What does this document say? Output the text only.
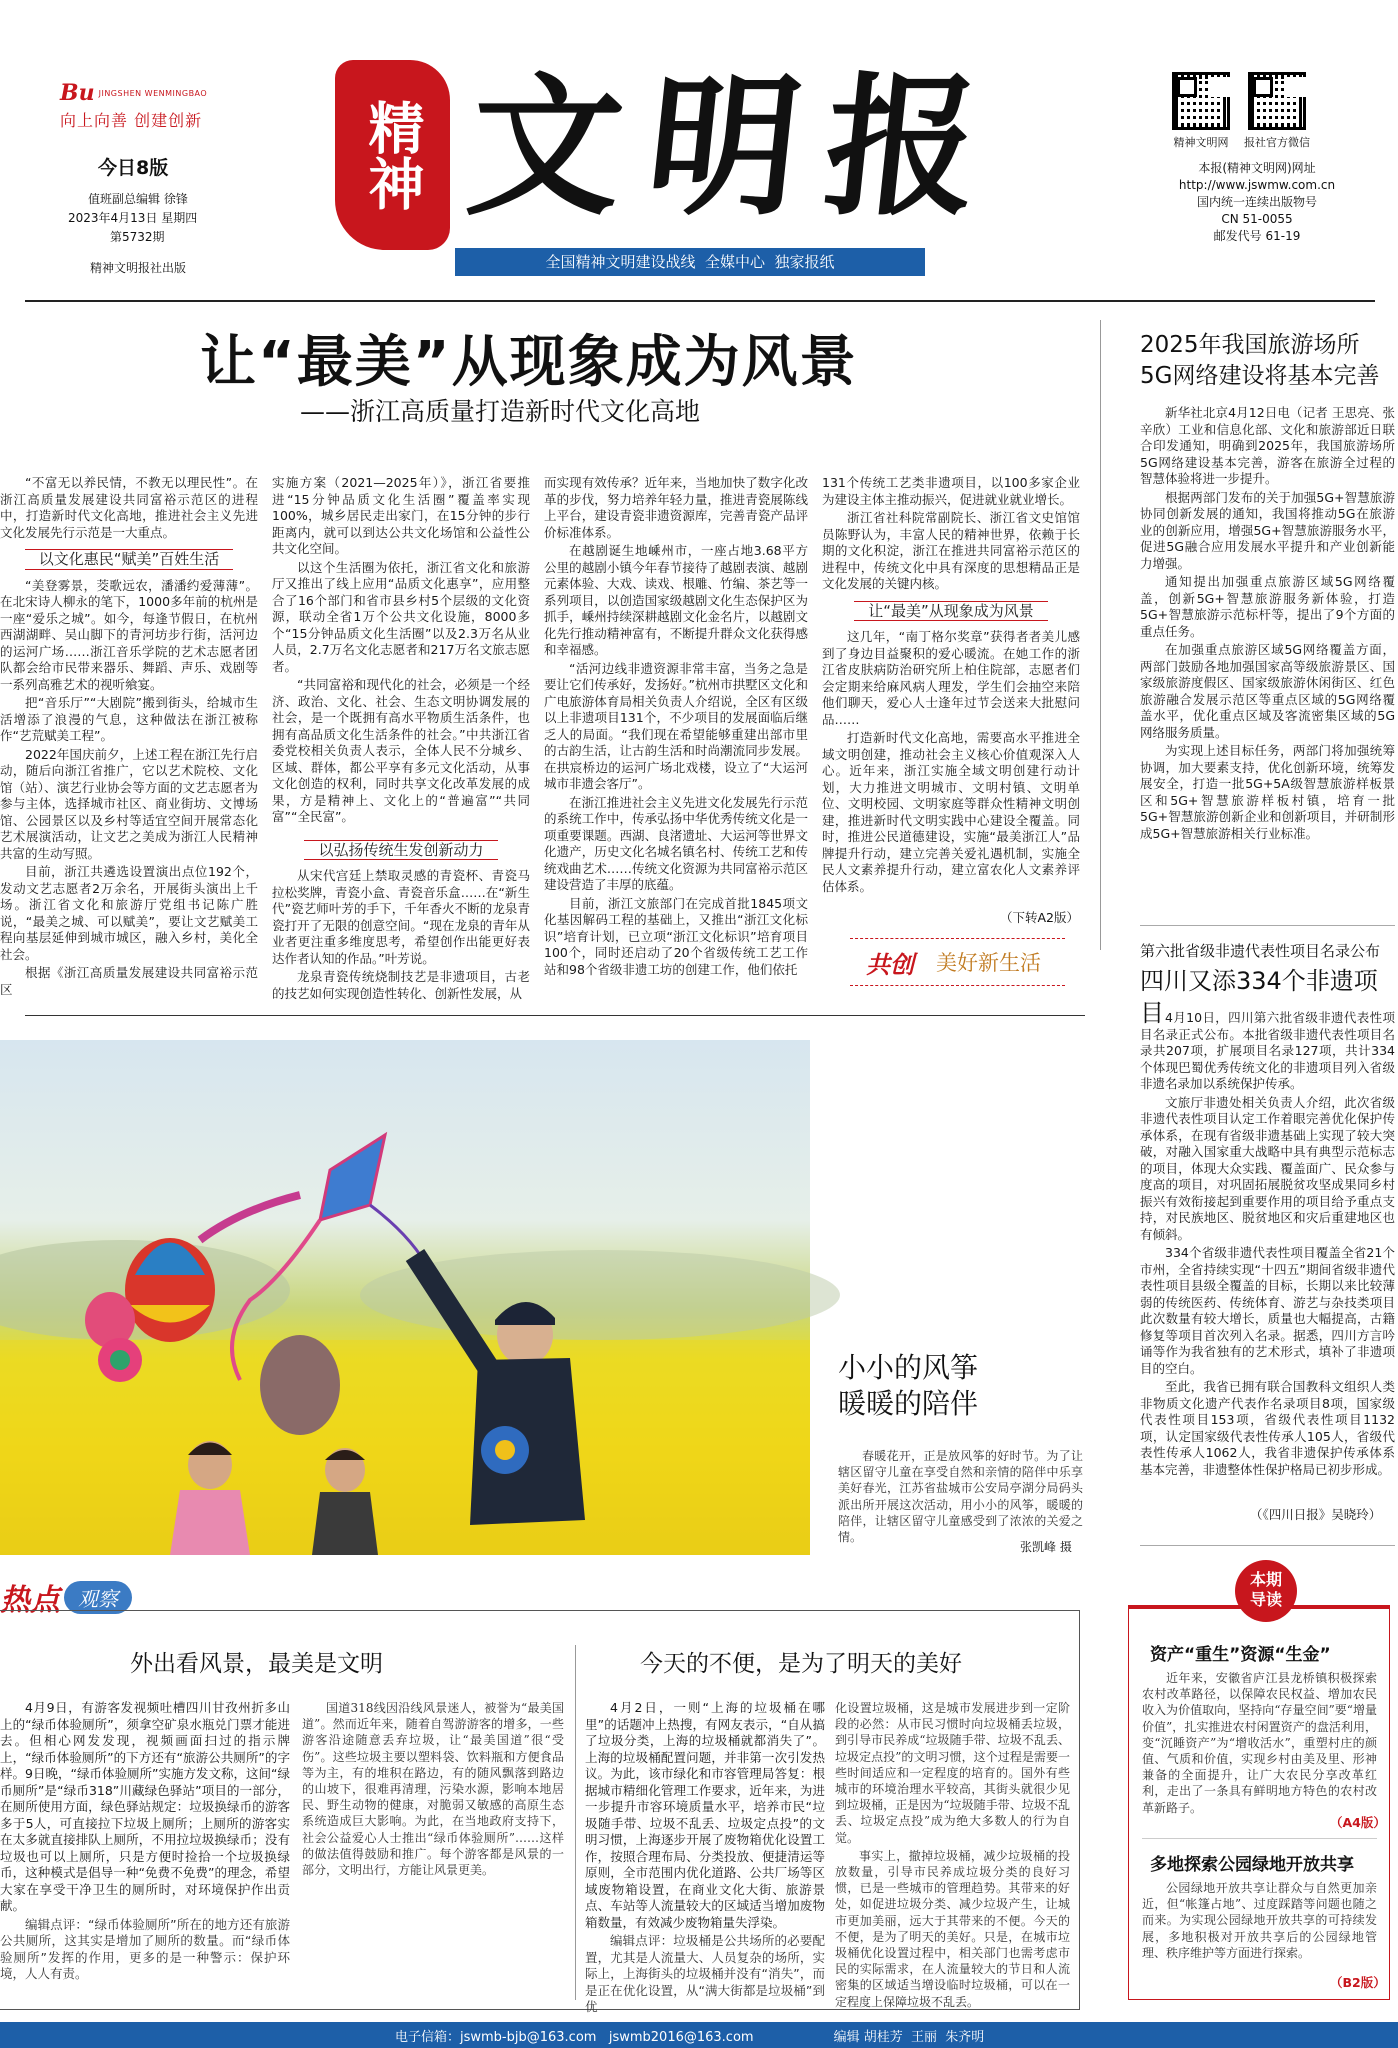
Bu JINGSHEN WENMINGBAO
向上向善 创建创新
今日8版
值班副总编辑 徐锋
2023年4月13日 星期四
第5732期
精神文明报社出版
精神 文明报
全国精神文明建设战线  全媒中心  独家报纸
精神文明网 报社官方微信
本报(精神文明网)网址
http://www.jswmw.com.cn
国内统一连续出版物号
CN 51-0055
邮发代号 61-19
让“最美”从现象成为风景
——浙江高质量打造新时代文化高地

“不富无以养民情，不教无以理民性”。在浙江高质量发展建设共同富裕示范区的进程中，打造新时代文化高地，推进社会主义先进文化发展先行示范是一大重点。

以文化惠民“赋美”百姓生活

“美登雾景，茭歌远农，潘潘约爱薄薄”。在北宋诗人柳永的笔下，1000多年前的杭州是一座“爱乐之城”。如今，每逢节假日，在杭州西湖湖畔、吴山脚下的青河坊步行街，活河边的运河广场……浙江音乐学院的艺术志愿者团队都会给市民带来器乐、舞蹈、声乐、戏剧等一系列高雅艺术的视听飨宴。

把“音乐厅”“大剧院”搬到街头，给城市生活增添了浪漫的气息，这种做法在浙江被称作“艺荒赋美工程”。

2022年国庆前夕，上述工程在浙江先行启动，随后向浙江省推广，它以艺术院校、文化馆（站）、演艺行业协会等方面的文艺志愿者为参与主体，选择城市社区、商业街坊、文博场馆、公园景区以及乡村等适宜空间开展常态化艺术展演活动，让文艺之美成为浙江人民精神共富的生动写照。

目前，浙江共遴选设置演出点位192个，发动文艺志愿者2万余名，开展街头演出上千场。浙江省文化和旅游厅党组书记陈广胜说，“最美之城、可以赋美”，要让文艺赋美工程向基层延伸到城市城区，融入乡村，美化全社会。

根据《浙江高质量发展建设共同富裕示范区

实施方案（2021—2025年）》，浙江省要推进“15分钟品质文化生活圈”覆盖率实现100%，城乡居民走出家门，在15分钟的步行距离内，就可以到达公共文化场馆和公益性公共文化空间。

以这个生活圈为依托，浙江省文化和旅游厅又推出了线上应用“品质文化惠享”，应用整合了16个部门和省市县乡村5个层级的文化资源，联动全省1万个公共文化设施，8000多个“15分钟品质文化生活圈”以及2.3万名从业人员，2.7万名文化志愿者和217万名文旅志愿者。

“共同富裕和现代化的社会，必须是一个经济、政治、文化、社会、生态文明协调发展的社会，是一个既拥有高水平物质生活条件，也拥有高品质文化生活条件的社会。”中共浙江省委党校相关负责人表示，全体人民不分城乡、区域、群体，都公平享有多元文化活动，从事文化创造的权利，同时共享文化改革发展的成果，方是精神上、文化上的“普遍富”“共同富”“全民富”。

以弘扬传统生发创新动力

从宋代宫廷上禁取灵感的青瓷杯、青瓷马拉松奖牌，青瓷小盒、青瓷音乐盒……在“新生代”瓷艺师叶芳的手下，千年香火不断的龙泉青瓷打开了无限的创意空间。“现在龙泉的青年从业者更注重多维度思考，希望创作出能更好表达作者认知的作品。”叶芳说。

龙泉青瓷传统烧制技艺是非遗项目，古老的技艺如何实现创造性转化、创新性发展，从

而实现有效传承？近年来，当地加快了数字化改革的步伐，努力培养年轻力量，推进青瓷展陈线上平台，建设青瓷非遗资源库，完善青瓷产品评价标准体系。

在越剧诞生地嵊州市，一座占地3.68平方公里的越剧小镇今年春节接待了越剧表演、越剧元素体验、大戏、读戏、根雕、竹编、茶艺等一系列项目，以创造国家级越剧文化生态保护区为抓手，嵊州持续深耕越剧文化金名片，以越剧文化先行推动精神富有，不断提升群众文化获得感和幸福感。

“活河边线非遗资源非常丰富，当务之急是要让它们传承好，发扬好。”杭州市拱墅区文化和广电旅游体育局相关负责人介绍说，全区有区级以上非遗项目131个，不少项目的发展面临后继乏人的局面。“我们现在希望能够重建出部市里的古韵生活，让古韵生活和时尚潮流同步发展。在拱宸桥边的运河广场北戏楼，设立了“大运河城市非遗会客厅”。

在浙江推进社会主义先进文化发展先行示范的系统工作中，传承弘扬中华优秀传统文化是一项重要课题。西湖、良渚遗址、大运河等世界文化遗产，历史文化名城名镇名村、传统工艺和传统戏曲艺术……传统文化资源为共同富裕示范区建设营造了丰厚的底蕴。

目前，浙江文旅部门在完成首批1845项文化基因解码工程的基础上，又推出“浙江文化标识”培育计划，已立项“浙江文化标识”培育项目100个，同时还启动了20个省级传统工艺工作站和98个省级非遗工坊的创建工作，他们依托

131个传统工艺类非遗项目，以100多家企业为建设主体主推动振兴，促进就业就业增长。

浙江省社科院常副院长、浙江省文史馆馆员陈野认为，丰富人民的精神世界，依赖于长期的文化积淀，浙江在推进共同富裕示范区的进程中，传统文化中具有深度的思想精品正是文化发展的关键内核。

让“最美”从现象成为风景

这几年，“南丁格尔奖章”获得者者美儿感到了身边目益聚积的爱心暖流。在她工作的浙江省皮肤病防治研究所上柏住院部，志愿者们会定期来给麻风病人理发，学生们会抽空来陪他们聊天，爱心人士逢年过节会送来大批慰问品……

打造新时代文化高地，需要高水平推进全域文明创建，推动社会主义核心价值观深入人心。近年来，浙江实施全域文明创建行动计划，大力推进文明城市、文明村镇、文明单位、文明校园、文明家庭等群众性精神文明创建，推进新时代文明实践中心建设全覆盖。同时，推进公民道德建设，实施“最美浙江人”品牌提升行动，建立完善关爱礼遇机制，实施全民人文素养提升行动，建立富农化人文素养评估体系。

（下转A2版）
共创 美好新生活
2025年我国旅游场所
5G网络建设将基本完善

新华社北京4月12日电（记者 王思亮、张辛欣）工业和信息化部、文化和旅游部近日联合印发通知，明确到2025年，我国旅游场所5G网络建设基本完善，游客在旅游全过程的智慧体验将进一步提升。

根据两部门发布的关于加强5G+智慧旅游协同创新发展的通知，我国将推动5G在旅游业的创新应用，增强5G+智慧旅游服务水平，促进5G融合应用发展水平提升和产业创新能力增强。

通知提出加强重点旅游区域5G网络覆盖，创新5G+智慧旅游服务新体验，打造5G+智慧旅游示范标杆等，提出了9个方面的重点任务。

在加强重点旅游区域5G网络覆盖方面，两部门鼓励各地加强国家高等级旅游景区、国家级旅游度假区、国家级旅游休闲街区、红色旅游融合发展示范区等重点区域的5G网络覆盖水平，优化重点区域及客流密集区域的5G网络服务质量。

为实现上述目标任务，两部门将加强统筹协调，加大要素支持，优化创新环境，统筹发展安全，打造一批5G+5A级智慧旅游样板景区和5G+智慧旅游样板村镇，培育一批5G+智慧旅游创新企业和创新项目，并研制形成5G+智慧旅游相关行业标准。

第六批省级非遗代表性项目名录公布
四川又添334个非遗项目 4月10日，四川第六批省级非遗代表性项目名录正式公布。本批省级非遗代表性项目名录共207项，扩展项目名录127项，共计334个体现巴蜀优秀传统文化的非遗项目列入省级非遗名录加以系统保护传承。

文旅厅非遗处相关负责人介绍，此次省级非遗代表性项目认定工作着眼完善优化保护传承体系，在现有省级非遗基础上实现了较大突破，对融入国家重大战略中具有典型示范标志的项目，体现大众实践、覆盖面广、民众参与度高的项目，对巩固拓展脱贫攻坚成果同乡村振兴有效衔接起到重要作用的项目给予重点支持，对民族地区、脱贫地区和灾后重建地区也有倾斜。

334个省级非遗代表性项目覆盖全省21个市州，全省持续实现“十四五”期间省级非遗代表性项目县级全覆盖的目标，长期以来比较薄弱的传统医药、传统体育、游艺与杂技类项目此次数量有较大增长，质量也大幅提高，古籍修复等项目首次列入名录。据悉，四川方言吟诵等作为我省独有的艺术形式，填补了非遗项目的空白。

至此，我省已拥有联合国教科文组织人类非物质文化遗产代表作名录项目8项，国家级代表性项目153项，省级代表性项目1132项，认定国家级代表性传承人105人，省级代表性传承人1062人，我省非遗保护传承体系基本完善，非遗整体性保护格局已初步形成。

（《四川日报》吴晓玲）
小小的风筝
暖暖的陪伴

春暖花开，正是放风筝的好时节。为了让辖区留守儿童在享受自然和亲情的陪伴中乐享美好春光，江苏省盐城市公安局亭湖分局码头派出所开展这次活动，用小小的风筝，暖暖的陪伴，让辖区留守儿童感受到了浓浓的关爱之情。

张凯峰 摄
热点 观察
外出看风景，最美是文明	今天的不便，是为了明天的美好

4月9日，有游客发视频吐槽四川甘孜州折多山上的“绿币体验厕所”，须拿空矿泉水瓶兑门票才能进去。但相心网发发现，视频画面扫过的指示牌上，“绿币体验厕所”的下方还有“旅游公共厕所”的字样。9日晚，“绿币体验厕所”实施方发文称，这间“绿币厕所”是“绿币318”川藏绿色驿站”项目的一部分，在厕所使用方面，绿色驿站规定：垃圾换绿币的游客多于5人，可直接拉下垃圾上厕所；上厕所的游客实在太多就直接排队上厕所，不用拉垃圾换绿币；没有垃圾也可以上厕所，只是方便时捡拾一个垃圾换绿币，这种模式是倡导一种“免费不免费”的理念，希望大家在享受干净卫生的厕所时，对环境保护作出贡献。

编辑点评：“绿币体验厕所”所在的地方还有旅游公共厕所，这其实是增加了厕所的数量。而“绿币体验厕所”发挥的作用，更多的是一种警示：保护环境，人人有责。

国道318线因沿线风景迷人，被誉为“最美国道”。然而近年来，随着自驾游游客的增多，一些游客沿途随意丢弃垃圾，让“最美国道”很“受伤”。这些垃圾主要以塑料袋、饮料瓶和方便食品等为主，有的堆积在路边，有的随风飘落到路边的山坡下，很难再清理，污染水源，影响本地居民、野生动物的健康，对脆弱又敏感的高原生态系统造成巨大影响。为此，在当地政府支持下，社会公益爱心人士推出“绿币体验厕所”……这样的做法值得鼓励和推广。每个游客都是风景的一部分，文明出行，方能让风景更美。

4月2日，一则“上海的垃圾桶在哪里”的话题冲上热搜，有网友表示，“自从搞了垃圾分类，上海的垃圾桶就都消失了”。上海的垃圾桶配置问题，并非第一次引发热议。为此，该市绿化和市容管理局答复：根据城市精细化管理工作要求，近年来，为进一步提升市容环境质量水平，培养市民“垃圾随手带、垃圾不乱丢、垃圾定点投”的文明习惯，上海逐步开展了废物箱优化设置工作，按照合理布局、分类投放、便捷清运等原则，全市范围内优化道路、公共厂场等区域废物箱设置，在商业文化大街、旅游景点、车站等人流量较大的区域适当增加废物箱数量，有效减少废物箱量失浮染。

编辑点评：垃圾桶是公共场所的必要配置，尤其是人流量大、人员复杂的场所，实际上，上海街头的垃圾桶并没有“消失”，而是正在优化设置，从“满大街都是垃圾桶”到优

化设置垃圾桶，这是城市发展进步到一定阶段的必然：从市民习惯时向垃圾桶丢垃圾，到引导市民养成“垃圾随手带、垃圾不乱丢、垃圾定点投”的文明习惯，这个过程是需要一些时间适应和一定程度的培育的。国外有些城市的环境治理水平较高，其街头就很少见到垃圾桶，正是因为“垃圾随手带、垃圾不乱丢、垃圾定点投”成为绝大多数人的行为自觉。

事实上，撤掉垃圾桶，减少垃圾桶的投放数量，引导市民养成垃圾分类的良好习惯，已是一些城市的管理趋势。其带来的好处，如促进垃圾分类、减少垃圾产生，让城市更加美丽，远大于其带来的不便。今天的不便，是为了明天的美好。只是，在城市垃圾桶优化设置过程中，相关部门也需考虑市民的实际需求，在人流量较大的节日和人流密集的区域适当增设临时垃圾桶，可以在一定程度上保障垃圾不乱丢。

本期
导读
资产“重生”资源“生金”

近年来，安徽省庐江县龙桥镇积极探索农村改革路径，以保障农民权益、增加农民收入为价值取向，坚持向“存量空间”要“增量价值”，扎实推进农村闲置资产的盘活利用，变“沉睡资产”为“增收活水”，重塑村庄的颜值、气质和价值，实现乡村由美及里、形神兼备的全面提升，让广大农民分享改革红利，走出了一条具有鲜明地方特色的农村改革新路子。

（A4版）
多地探索公园绿地开放共享

公园绿地开放共享让群众与自然更加亲近，但“帐篷占地”、过度踩踏等问题也随之而来。为实现公园绿地开放共享的可持续发展，多地积极对开放共享后的公园绿地管理、秩序维护等方面进行探索。

（B2版）
电子信箱：jswmb-bjb@163.com   jswmb2016@163.com	编辑 胡桂芳  王丽  朱齐明
